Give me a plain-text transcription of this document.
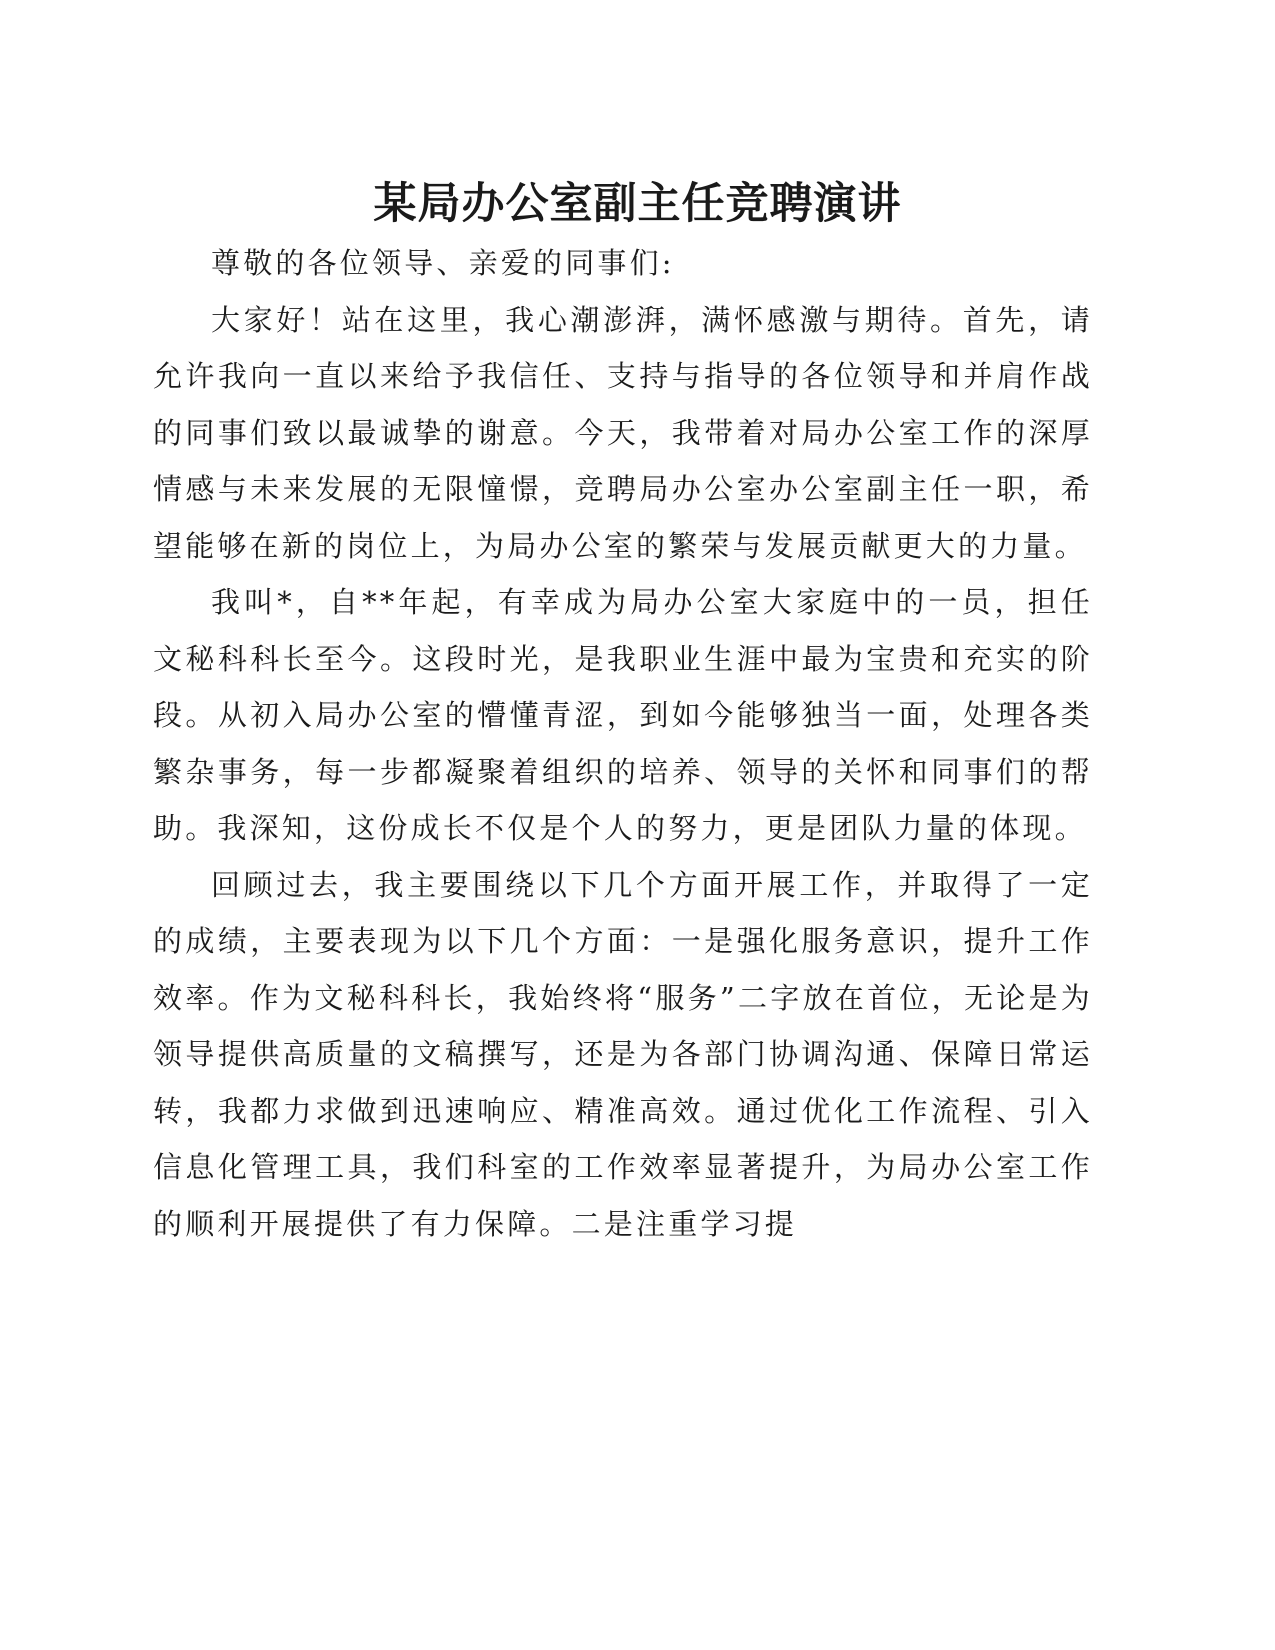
某局办公室副主任竞聘演讲

尊敬的各位领导、亲爱的同事们:

大家好！站在这里，我心潮澎湃，满怀感激与期待。首先，请允许我向一直以来给予我信任、支持与指导的各位领导和并肩作战的同事们致以最诚挚的谢意。今天，我带着对局办公室工作的深厚情感与未来发展的无限憧憬，竞聘局办公室办公室副主任一职，希望能够在新的岗位上，为局办公室的繁荣与发展贡献更大的力量。

我叫*，自**年起，有幸成为局办公室大家庭中的一员，担任文秘科科长至今。这段时光，是我职业生涯中最为宝贵和充实的阶段。从初入局办公室的懵懂青涩，到如今能够独当一面，处理各类繁杂事务，每一步都凝聚着组织的培养、领导的关怀和同事们的帮助。我深知，这份成长不仅是个人的努力，更是团队力量的体现。

回顾过去，我主要围绕以下几个方面开展工作，并取得了一定的成绩，主要表现为以下几个方面：一是强化服务意识，提升工作效率。作为文秘科科长，我始终将“服务”二字放在首位，无论是为领导提供高质量的文稿撰写，还是为各部门协调沟通、保障日常运转，我都力求做到迅速响应、精准高效。通过优化工作流程、引入信息化管理工具，我们科室的工作效率显著提升，为局办公室工作的顺利开展提供了有力保障。二是注重学习提
